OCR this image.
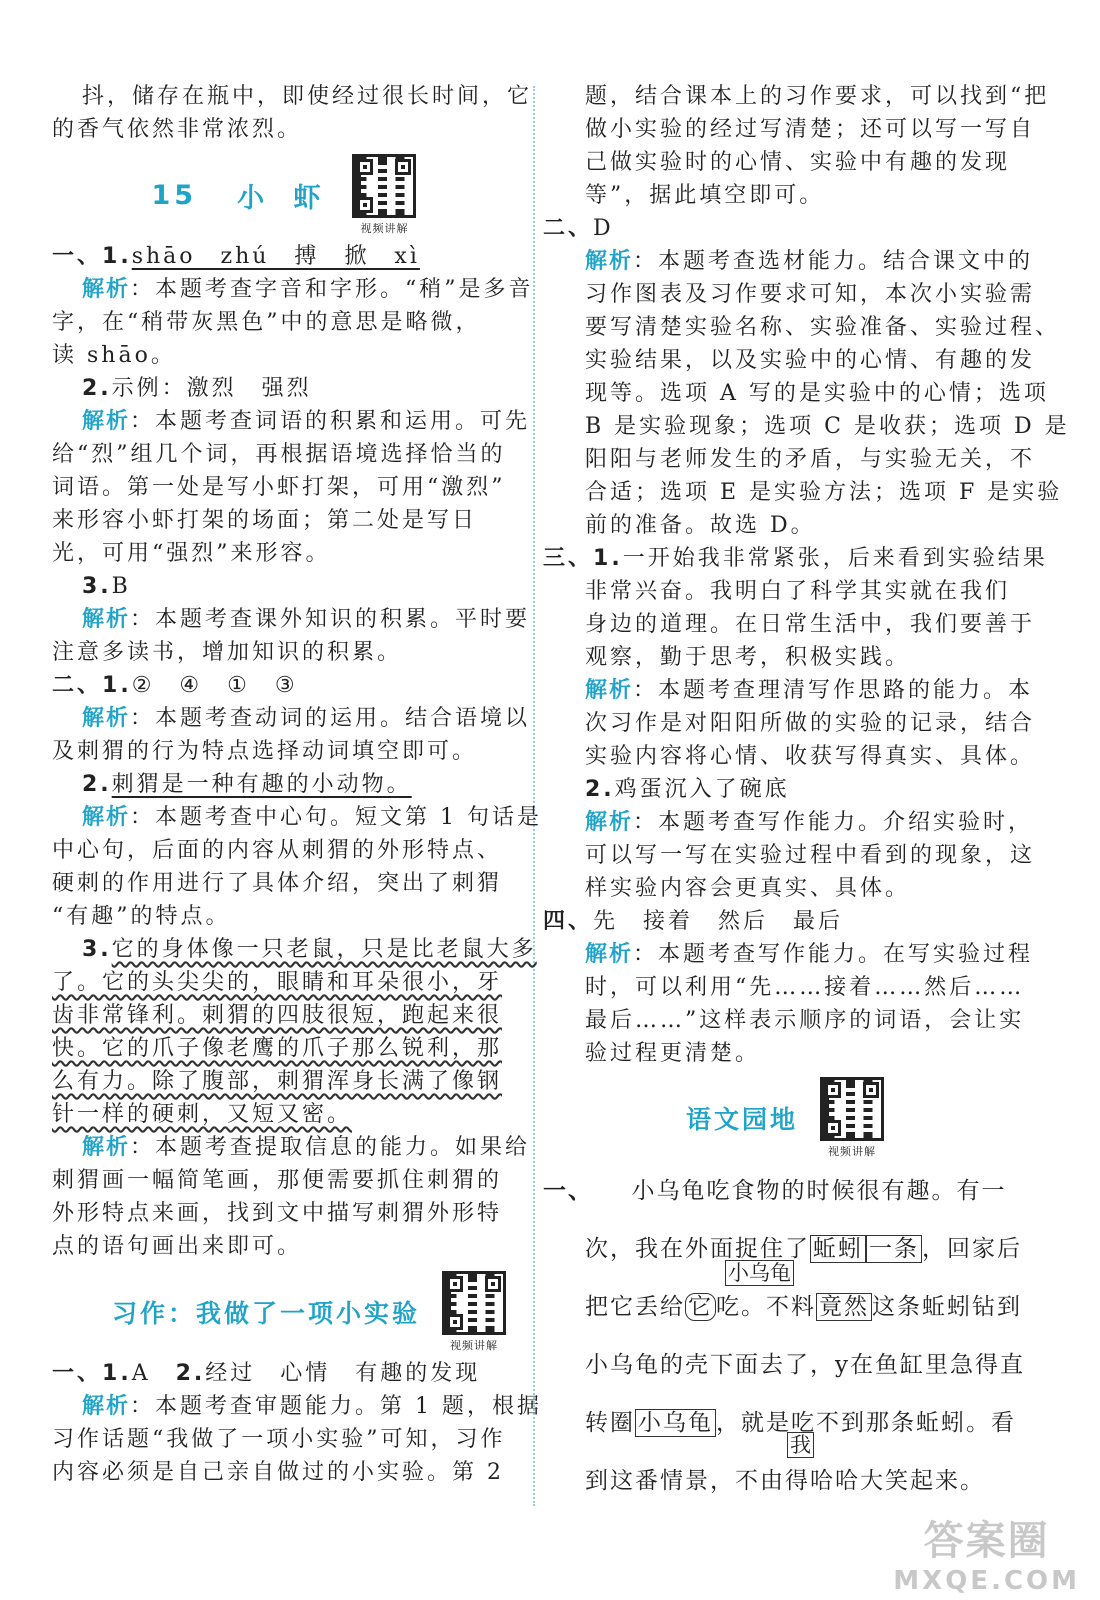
抖，储存在瓶中，即使经过很长时间，它
的香气依然非常浓烈。
15 小 虾
视频讲解
一、1.shāo　zhú　搏　掀　xì
解析：本题考查字音和字形。“稍”是多音
字，在“稍带灰黑色”中的意思是略微，
读 shāo。
2.示例：激烈　强烈
解析：本题考查词语的积累和运用。可先
给“烈”组几个词，再根据语境选择恰当的
词语。第一处是写小虾打架，可用“激烈”
来形容小虾打架的场面；第二处是写日
光，可用“强烈”来形容。
3.B
解析：本题考查课外知识的积累。平时要
注意多读书，增加知识的积累。
二、1.②　④　①　③
解析：本题考查动词的运用。结合语境以
及刺猬的行为特点选择动词填空即可。
2.刺猬是一种有趣的小动物。
解析：本题考查中心句。短文第 1 句话是
中心句，后面的内容从刺猬的外形特点、
硬刺的作用进行了具体介绍，突出了刺猬
“有趣”的特点。
3.它的身体像一只老鼠，只是比老鼠大多
了。它的头尖尖的，眼睛和耳朵很小，牙
齿非常锋利。刺猬的四肢很短，跑起来很
快。它的爪子像老鹰的爪子那么锐利，那
么有力。除了腹部，刺猬浑身长满了像钢
针一样的硬刺，又短又密。
解析：本题考查提取信息的能力。如果给
刺猬画一幅简笔画，那便需要抓住刺猬的
外形特点来画，找到文中描写刺猬外形特
点的语句画出来即可。
习作：我做了一项小实验
视频讲解
一、1.A　 2.经过　心情　有趣的发现
解析：本题考查审题能力。第 1 题，根据
习作话题“我做了一项小实验”可知，习作
内容必须是自己亲自做过的小实验。第 2
题，结合课本上的习作要求，可以找到“把
做小实验的经过写清楚；还可以写一写自
己做实验时的心情、实验中有趣的发现
等”，据此填空即可。
二、D
解析：本题考查选材能力。结合课文中的
习作图表及习作要求可知，本次小实验需
要写清楚实验名称、实验准备、实验过程、
实验结果，以及实验中的心情、有趣的发
现等。选项 A 写的是实验中的心情；选项
B 是实验现象；选项 C 是收获；选项 D 是
阳阳与老师发生的矛盾，与实验无关，不
合适；选项 E 是实验方法；选项 F 是实验
前的准备。故选 D。
三、1.一开始我非常紧张，后来看到实验结果
非常兴奋。我明白了科学其实就在我们
身边的道理。在日常生活中，我们要善于
观察，勤于思考，积极实践。
解析：本题考查理清写作思路的能力。本
次习作是对阳阳所做的实验的记录，结合
实验内容将心情、收获写得真实、具体。
2.鸡蛋沉入了碗底
解析：本题考查写作能力。介绍实验时，
可以写一写在实验过程中看到的现象，这
样实验内容会更真实、具体。
四、先　接着　然后　最后
解析：本题考查写作能力。在写实验过程
时，可以利用“先……接着……然后……
最后……”这样表示顺序的词语，会让实
验过程更清楚。
语文园地
视频讲解
一、　　 小乌龟吃食物的时候很有趣。有一
次，我在外面捉住了 蚯蚓 一条 ，回家后
小乌龟
把它丢给 它 吃。不料 竟然 这条蚯蚓钻到
小乌龟的壳下面去了，y在鱼缸里急得直
转圈 小乌龟 ，就是吃不到那条蚯蚓。看
我
到这番情景，不由得哈哈大笑起来。
答案圈
MXQE.COM
